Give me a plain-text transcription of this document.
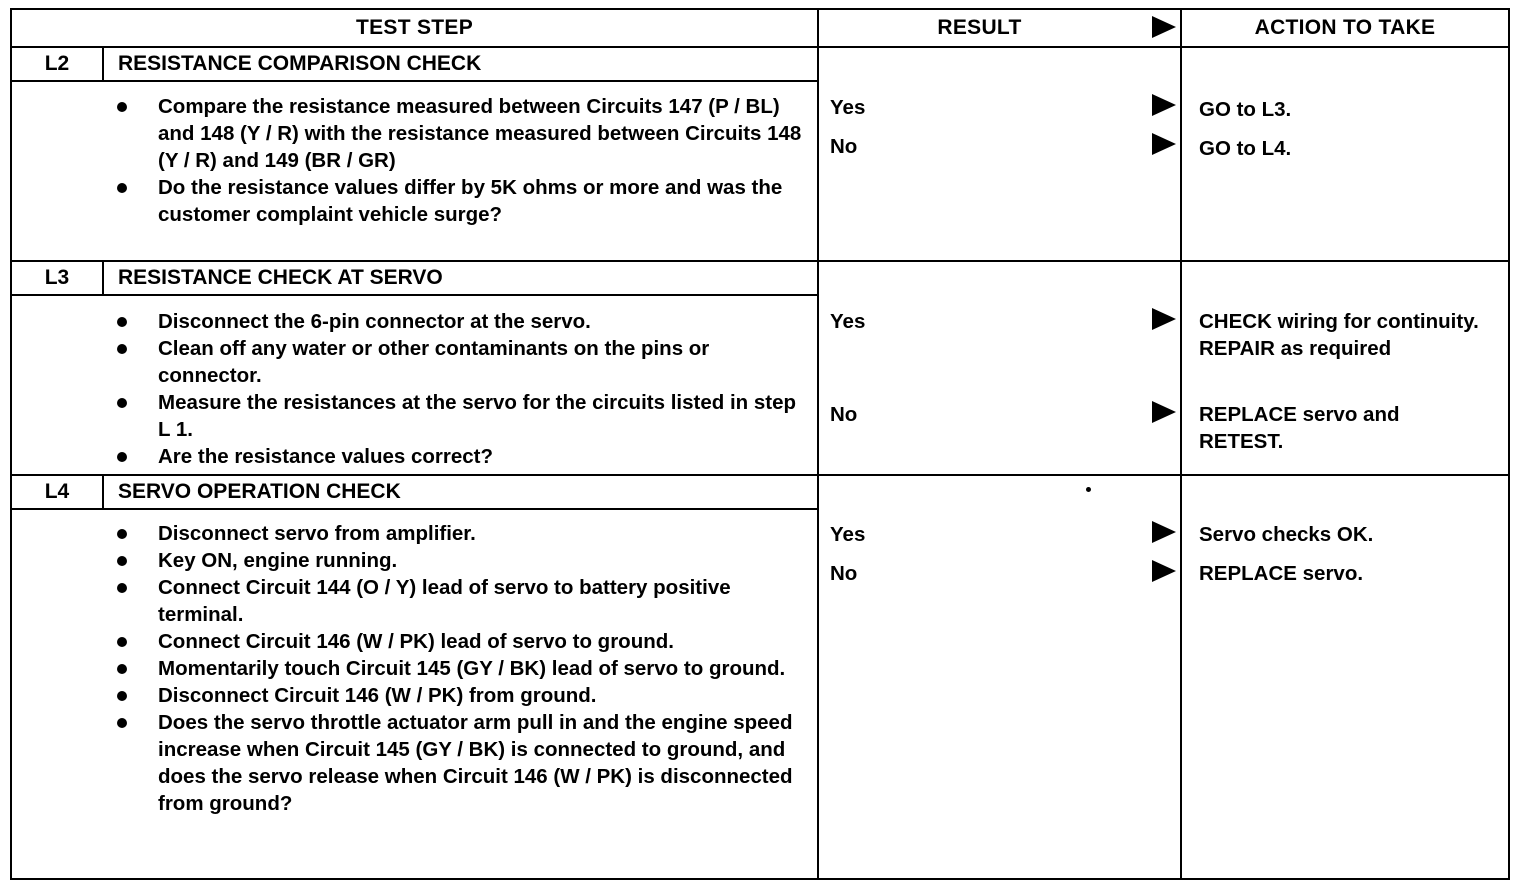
TEST STEP	RESULT	ACTION TO TAKE
L2	RESISTANCE COMPARISON CHECK
Compare the resistance measured between Circuits 147 (P / BL) and 148 (Y / R) with the resistance measured between Circuits 148 (Y / R) and 149 (BR / GR)
Do the resistance values differ by 5K ohms or more and was the customer complaint vehicle surge?
Yes	GO to L3.
No	GO to L4.
L3	RESISTANCE CHECK AT SERVO
Disconnect the 6-pin connector at the servo.
Clean off any water or other contaminants on the pins or connector.
Measure the resistances at the servo for the circuits listed in step L 1.
Are the resistance values correct?
Yes	CHECK wiring for continuity. REPAIR as required
No	REPLACE servo and RETEST.
L4	SERVO OPERATION CHECK
Disconnect servo from amplifier.
Key ON, engine running.
Connect Circuit 144 (O / Y) lead of servo to battery positive terminal.
Connect Circuit 146 (W / PK) lead of servo to ground.
Momentarily touch Circuit 145 (GY / BK) lead of servo to ground.
Disconnect Circuit 146 (W / PK) from ground.
Does the servo throttle actuator arm pull in and the engine speed increase when Circuit 145 (GY / BK) is connected to ground, and does the servo release when Circuit 146 (W / PK) is disconnected from ground?
Yes	Servo checks OK.
No	REPLACE servo.
